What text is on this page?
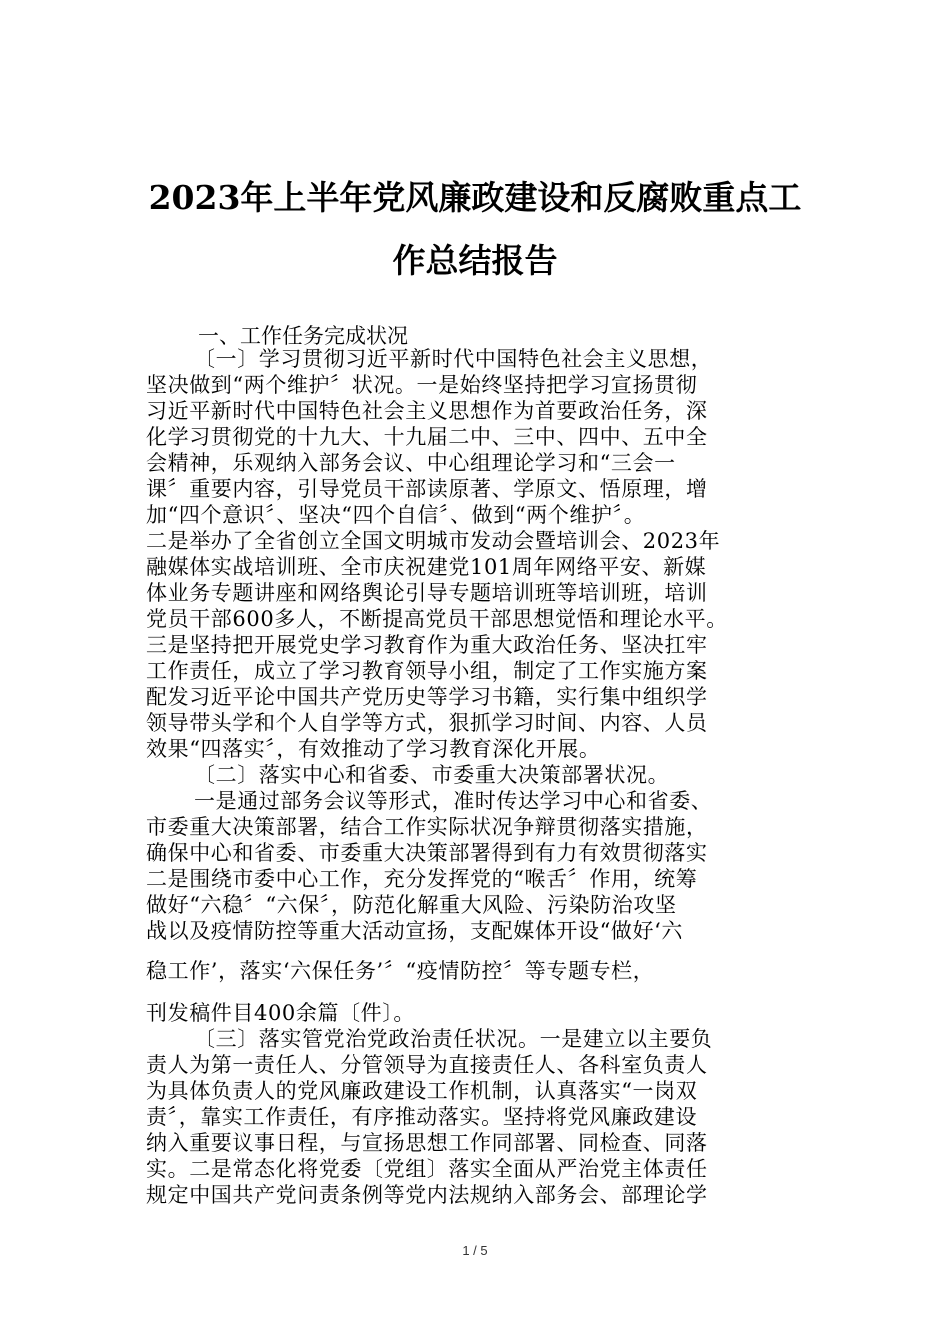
2023年上半年党风廉政建设和反腐败重点工
作总结报告
一、工作任务完成状况
〔一〕学习贯彻习近平新时代中国特色社会主义思想，
坚决做到“两个维护〞状况。一是始终坚持把学习宣扬贯彻
习近平新时代中国特色社会主义思想作为首要政治任务，深
化学习贯彻党的十九大、十九届二中、三中、四中、五中全
会精神，乐观纳入部务会议、中心组理论学习和“三会一
课〞重要内容，引导党员干部读原著、学原文、悟原理，增
加“四个意识〞、坚决“四个自信〞、做到“两个维护〞。
二是举办了全省创立全国文明城市发动会暨培训会、2023年
融媒体实战培训班、全市庆祝建党101周年网络平安、新媒
体业务专题讲座和网络舆论引导专题培训班等培训班，培训
党员干部600多人，不断提高党员干部思想觉悟和理论水平。
三是坚持把开展党史学习教育作为重大政治任务、坚决扛牢
工作责任，成立了学习教育领导小组，制定了工作实施方案
配发习近平论中国共产党历史等学习书籍，实行集中组织学
领导带头学和个人自学等方式，狠抓学习时间、内容、人员
效果“四落实〞，有效推动了学习教育深化开展。
〔二〕落实中心和省委、市委重大决策部署状况。
一是通过部务会议等形式，准时传达学习中心和省委、
市委重大决策部署，结合工作实际状况争辩贯彻落实措施，
确保中心和省委、市委重大决策部署得到有力有效贯彻落实
二是围绕市委中心工作，充分发挥党的“喉舌〞作用，统筹
做好“六稳〞“六保〞，防范化解重大风险、污染防治攻坚
战以及疫情防控等重大活动宣扬，支配媒体开设“做好‘六
稳工作’，落实‘六保任务’〞“疫情防控〞等专题专栏，
刊发稿件目400余篇〔件〕。
〔三〕落实管党治党政治责任状况。一是建立以主要负
责人为第一责任人、分管领导为直接责任人、各科室负责人
为具体负责人的党风廉政建设工作机制，认真落实“一岗双
责〞，靠实工作责任，有序推动落实。坚持将党风廉政建设
纳入重要议事日程，与宣扬思想工作同部署、同检查、同落
实。二是常态化将党委〔党组〕落实全面从严治党主体责任
规定中国共产党问责条例等党内法规纳入部务会、部理论学
1 / 5
